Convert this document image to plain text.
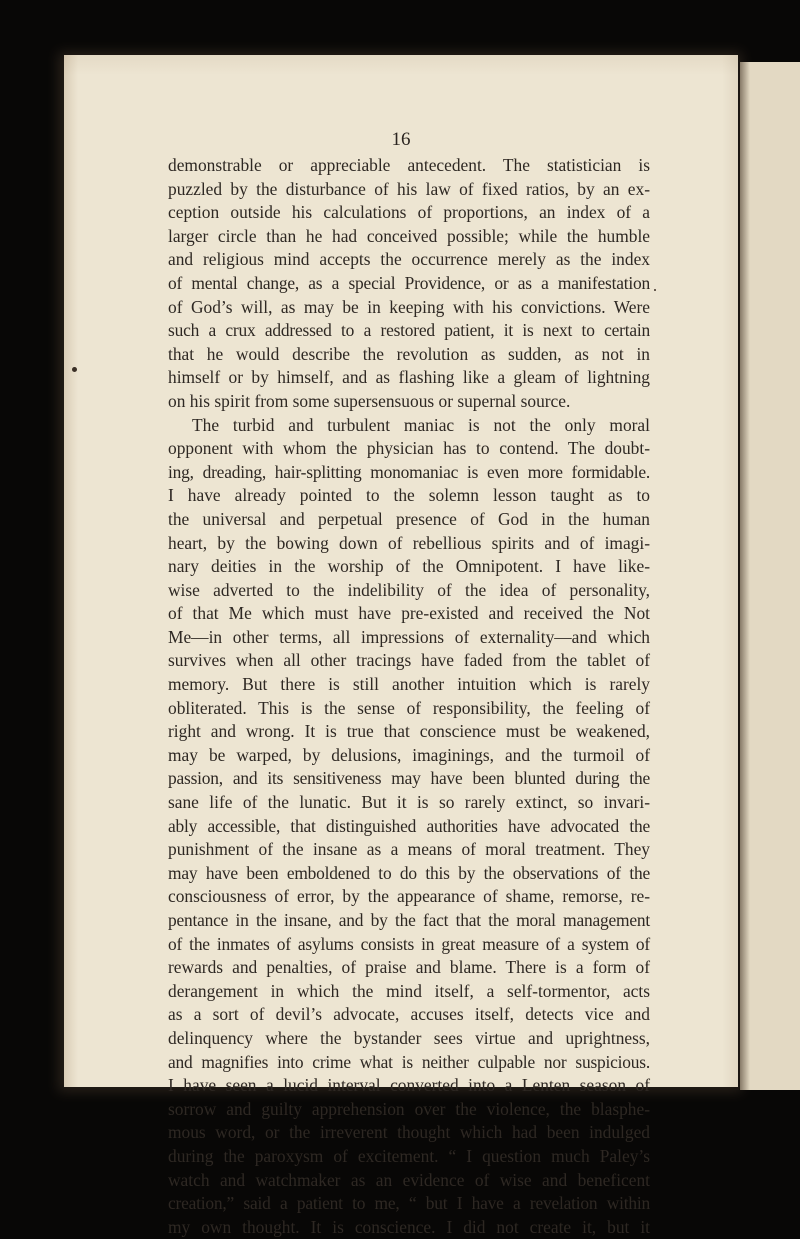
16
demonstrable or appreciable antecedent. The statistician is
puzzled by the disturbance of his law of fixed ratios, by an ex-
ception outside his calculations of proportions, an index of a
larger circle than he had conceived possible; while the humble
and religious mind accepts the occurrence merely as the index
of mental change, as a special Providence, or as a manifestation
of God’s will, as may be in keeping with his convictions. Were
such a crux addressed to a restored patient, it is next to certain
that he would describe the revolution as sudden, as not in
himself or by himself, and as flashing like a gleam of lightning
on his spirit from some supersensuous or supernal source.
The turbid and turbulent maniac is not the only moral
opponent with whom the physician has to contend. The doubt-
ing, dreading, hair-splitting monomaniac is even more formidable.
I have already pointed to the solemn lesson taught as to
the universal and perpetual presence of God in the human
heart, by the bowing down of rebellious spirits and of imagi-
nary deities in the worship of the Omnipotent. I have like-
wise adverted to the indelibility of the idea of personality,
of that Me which must have pre-existed and received the Not
Me—in other terms, all impressions of externality—and which
survives when all other tracings have faded from the tablet of
memory. But there is still another intuition which is rarely
obliterated. This is the sense of responsibility, the feeling of
right and wrong. It is true that conscience must be weakened,
may be warped, by delusions, imaginings, and the turmoil of
passion, and its sensitiveness may have been blunted during the
sane life of the lunatic. But it is so rarely extinct, so invari-
ably accessible, that distinguished authorities have advocated the
punishment of the insane as a means of moral treatment. They
may have been emboldened to do this by the observations of the
consciousness of error, by the appearance of shame, remorse, re-
pentance in the insane, and by the fact that the moral management
of the inmates of asylums consists in great measure of a system of
rewards and penalties, of praise and blame. There is a form of
derangement in which the mind itself, a self-tormentor, acts
as a sort of devil’s advocate, accuses itself, detects vice and
delinquency where the bystander sees virtue and uprightness,
and magnifies into crime what is neither culpable nor suspicious.
I have seen a lucid interval converted into a Lenten season of
sorrow and guilty apprehension over the violence, the blasphe-
mous word, or the irreverent thought which had been indulged
during the paroxysm of excitement. “ I question much Paley’s
watch and watchmaker as an evidence of wise and beneficent
creation,” said a patient to me, “ but I have a revelation within
my own thought. It is conscience. I did not create it, but it
